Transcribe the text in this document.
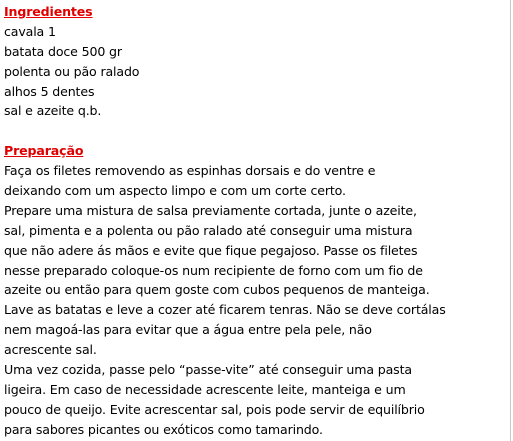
Ingredientes
cavala 1
batata doce 500 gr
polenta ou pão ralado
alhos 5 dentes
sal e azeite q.b.
Preparação
Faça os filetes removendo as espinhas dorsais e do ventre e
deixando com um aspecto limpo e com um corte certo.
Prepare uma mistura de salsa previamente cortada, junte o azeite,
sal, pimenta e a polenta ou pão ralado até conseguir uma mistura
que não adere ás mãos e evite que fique pegajoso. Passe os filetes
nesse preparado coloque-os num recipiente de forno com um fio de
azeite ou então para quem goste com cubos pequenos de manteiga.
Lave as batatas e leve a cozer até ficarem tenras. Não se deve cortálas
nem magoá-las para evitar que a água entre pela pele, não
acrescente sal.
Uma vez cozida, passe pelo “passe-vite” até conseguir uma pasta
ligeira. Em caso de necessidade acrescente leite, manteiga e um
pouco de queijo. Evite acrescentar sal, pois pode servir de equilíbrio
para sabores picantes ou exóticos como tamarindo.
